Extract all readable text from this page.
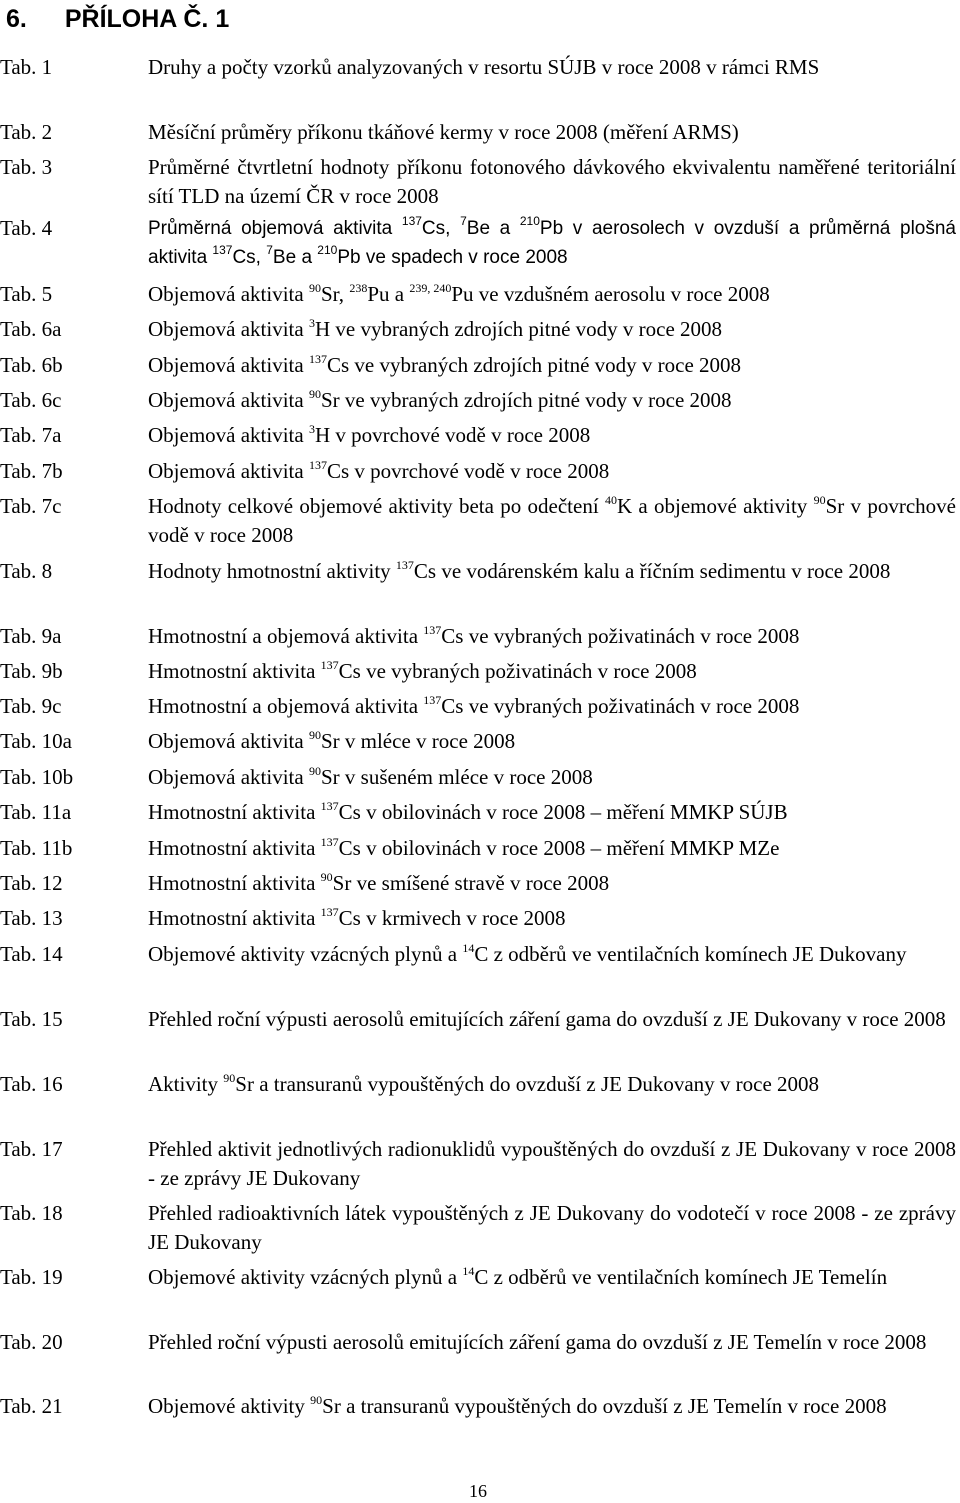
6. PŘÍLOHA Č. 1
Tab. 1	Druhy a počty vzorků analyzovaných v resortu SÚJB v roce 2008 v rámci RMS
Tab. 2	Měsíční průměry příkonu tkáňové kermy v roce 2008 (měření ARMS)
Tab. 3	Průměrné čtvrtletní hodnoty příkonu fotonového dávkového ekvivalentu naměřené teritoriální sítí TLD na území ČR v roce 2008
Tab. 4	Průměrná objemová aktivita $^{137}$Cs, $^7$Be a $^{210}$Pb v aerosolech v ovzduší a průměrná plošná aktivita $^{137}$Cs, $^7$Be a $^{210}$Pb ve spadech v roce 2008
Tab. 5	Objemová aktivita $^{90}$Sr, $^{238}$Pu a $^{239, 240}$Pu ve vzdušném aerosolu v roce 2008
Tab. 6a	Objemová aktivita $^3$H ve vybraných zdrojích pitné vody v roce 2008
Tab. 6b	Objemová aktivita $^{137}$Cs ve vybraných zdrojích pitné vody v roce 2008
Tab. 6c	Objemová aktivita $^{90}$Sr ve vybraných zdrojích pitné vody v roce 2008
Tab. 7a	Objemová aktivita $^3$H v povrchové vodě v roce 2008
Tab. 7b	Objemová aktivita $^{137}$Cs v povrchové vodě v roce 2008
Tab. 7c	Hodnoty celkové objemové aktivity beta po odečtení $^{40}$K a objemové aktivity $^{90}$Sr v povrchové vodě v roce 2008
Tab. 8	Hodnoty hmotnostní aktivity $^{137}$Cs ve vodárenském kalu a říčním sedimentu v roce 2008
Tab. 9a	Hmotnostní a objemová aktivita $^{137}$Cs ve vybraných poživatinách v roce 2008
Tab. 9b	Hmotnostní aktivita $^{137}$Cs ve vybraných poživatinách v roce 2008
Tab. 9c	Hmotnostní a objemová aktivita $^{137}$Cs ve vybraných poživatinách v roce 2008
Tab. 10a	Objemová aktivita $^{90}$Sr v mléce v roce 2008
Tab. 10b	Objemová aktivita $^{90}$Sr v sušeném mléce v roce 2008
Tab. 11a	Hmotnostní aktivita $^{137}$Cs v obilovinách v roce 2008 – měření MMKP SÚJB
Tab. 11b	Hmotnostní aktivita $^{137}$Cs v obilovinách v roce 2008 – měření MMKP MZe
Tab. 12	Hmotnostní aktivita $^{90}$Sr ve smíšené stravě v roce 2008
Tab. 13	Hmotnostní aktivita $^{137}$Cs v krmivech v roce 2008
Tab. 14	Objemové aktivity vzácných plynů a $^{14}$C z odběrů ve ventilačních komínech JE Dukovany
Tab. 15	Přehled roční výpusti aerosolů emitujících záření gama do ovzduší z JE Dukovany v roce 2008
Tab. 16	Aktivity $^{90}$Sr a transuranů vypouštěných do ovzduší z JE Dukovany v roce 2008
Tab. 17	Přehled aktivit jednotlivých radionuklidů vypouštěných do ovzduší z JE Dukovany v roce 2008 - ze zprávy JE Dukovany
Tab. 18	Přehled radioaktivních látek vypouštěných z JE Dukovany do vodotečí v roce 2008 - ze zprávy JE Dukovany
Tab. 19	Objemové aktivity vzácných plynů a $^{14}$C z odběrů ve ventilačních komínech JE Temelín
Tab. 20	Přehled roční výpusti aerosolů emitujících záření gama do ovzduší z JE Temelín v roce 2008
Tab. 21	Objemové aktivity $^{90}$Sr a transuranů vypouštěných do ovzduší z JE Temelín v roce 2008
16
